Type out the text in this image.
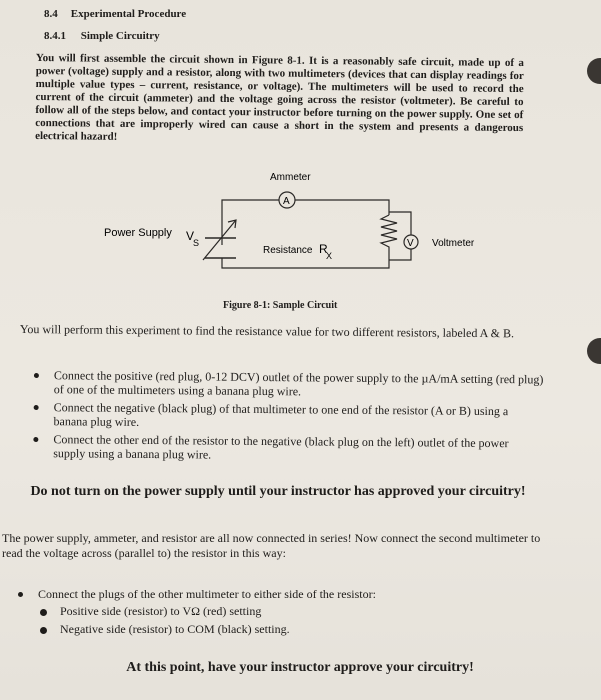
8.4 Experimental Procedure
8.4.1 Simple Circuitry
You will first assemble the circuit shown in Figure 8-1. It is a reasonably safe circuit, made up of a power (voltage) supply and a resistor, along with two multimeters (devices that can display readings for multiple value types – current, resistance, or voltage). The multimeters will be used to record the current of the circuit (ammeter) and the voltage going across the resistor (voltmeter). Be careful to follow all of the steps below, and contact your instructor before turning on the power supply. One set of connections that are improperly wired can cause a short in the system and presents a dangerous electrical hazard!
Ammeter
A
Power Supply V
S
Resistance R
X
V Voltmeter
Figure 8-1: Sample Circuit
You will perform this experiment to find the resistance value for two different resistors, labeled A & B.
Connect the positive (red plug, 0-12 DCV) outlet of the power supply to the µA/mA setting (red plug) of one of the multimeters using a banana plug wire.
Connect the negative (black plug) of that multimeter to one end of the resistor (A or B) using a banana plug wire.
Connect the other end of the resistor to the negative (black plug on the left) outlet of the power supply using a banana plug wire.
Do not turn on the power supply until your instructor has approved your circuitry!
The power supply, ammeter, and resistor are all now connected in series! Now connect the second multimeter to read the voltage across (parallel to) the resistor in this way:
Connect the plugs of the other multimeter to either side of the resistor:
Positive side (resistor) to VΩ (red) setting
Negative side (resistor) to COM (black) setting.
At this point, have your instructor approve your circuitry!
